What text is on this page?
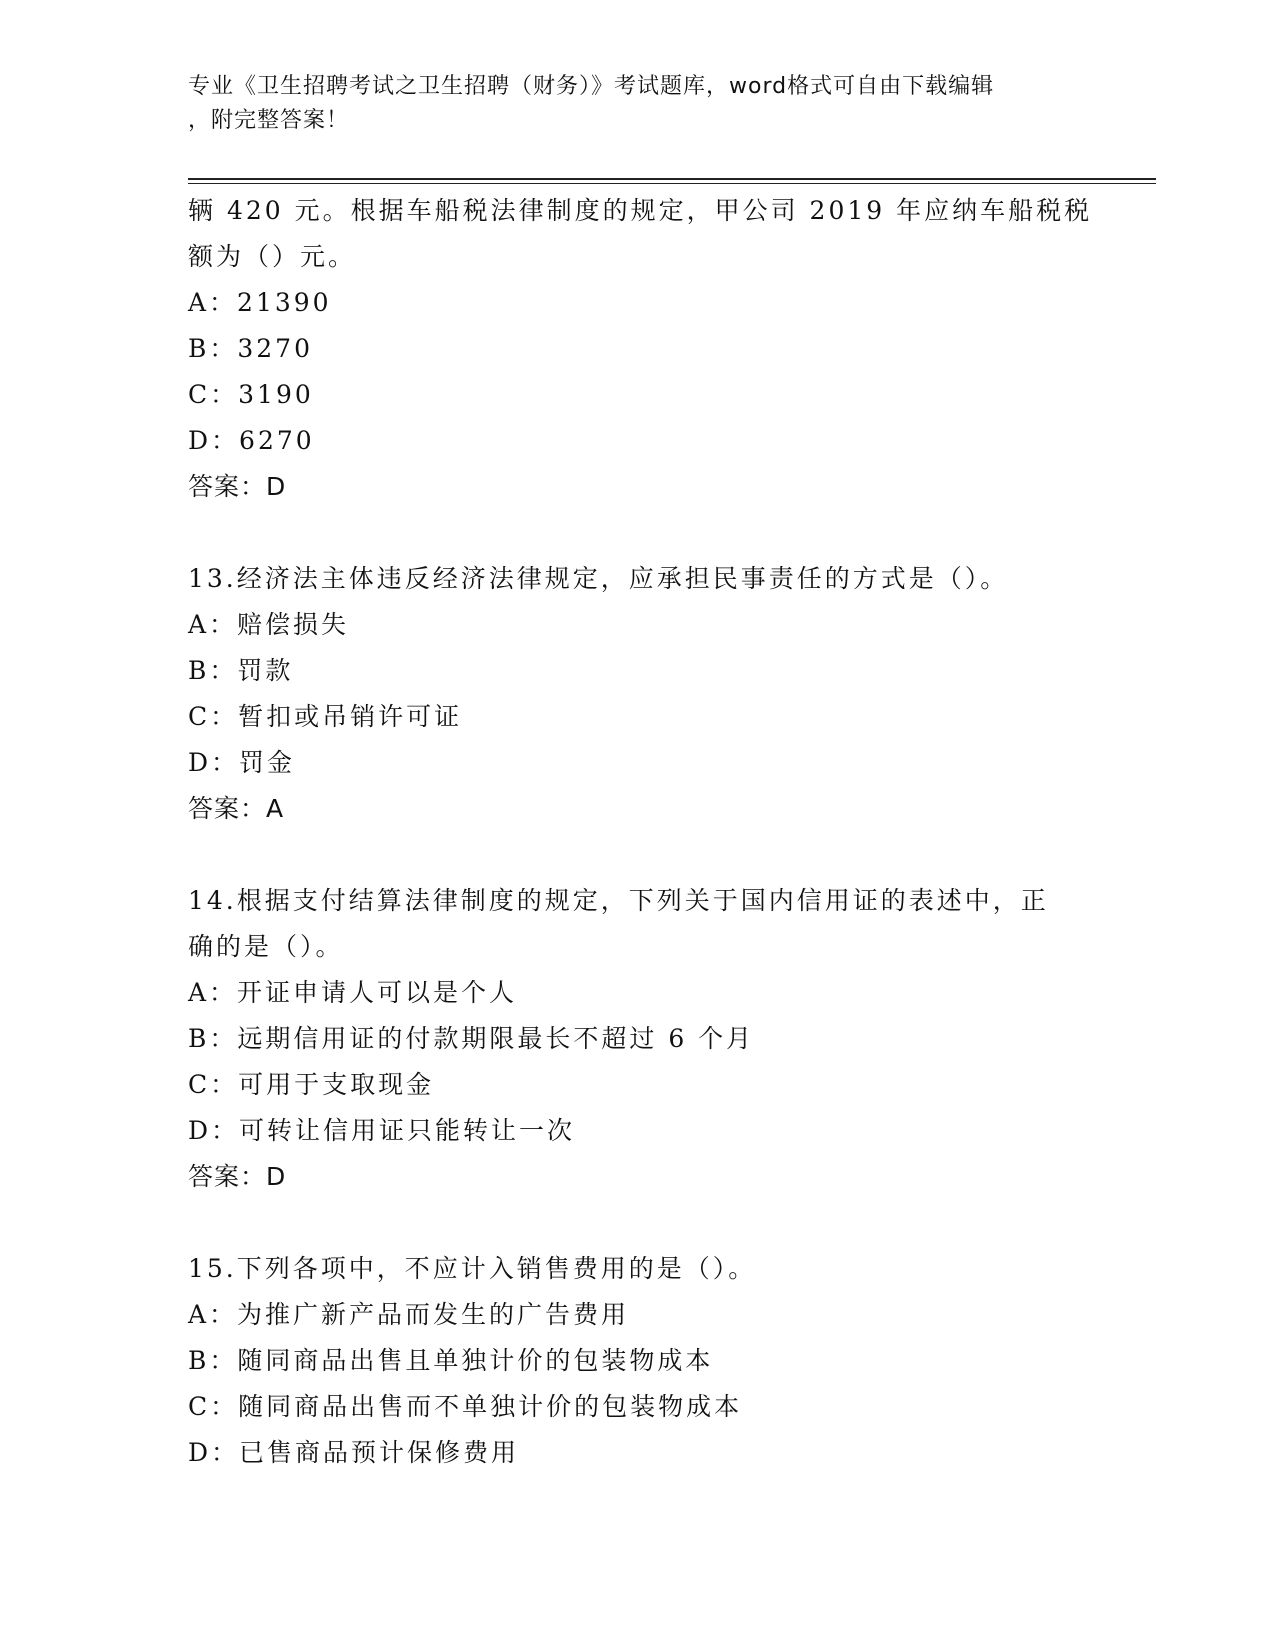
专业《卫生招聘考试之卫生招聘（财务）》考试题库，word格式可自由下载编辑
，附完整答案！

辆 420 元。根据车船税法律制度的规定，甲公司 2019 年应纳车船税税

额为（）元。

A：21390

B：3270

C：3190

D：6270

答案：D

13.经济法主体违反经济法律规定，应承担民事责任的方式是（）。

A：赔偿损失

B：罚款

C：暂扣或吊销许可证

D：罚金

答案：A

14.根据支付结算法律制度的规定，下列关于国内信用证的表述中，正

确的是（）。

A：开证申请人可以是个人

B：远期信用证的付款期限最长不超过 6 个月

C：可用于支取现金

D：可转让信用证只能转让一次

答案：D

15.下列各项中，不应计入销售费用的是（）。

A：为推广新产品而发生的广告费用

B：随同商品出售且单独计价的包装物成本

C：随同商品出售而不单独计价的包装物成本

D：已售商品预计保修费用
